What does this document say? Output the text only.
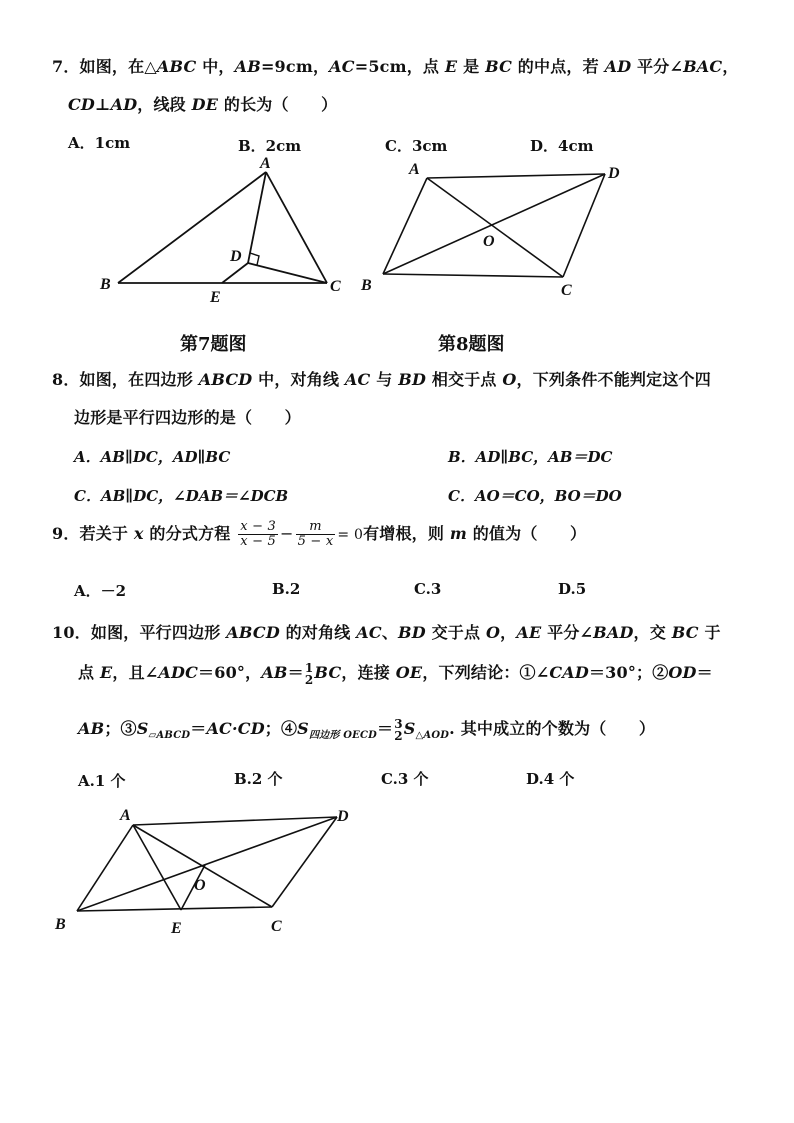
7．如图，在△ABC 中，AB=9cm，AC=5cm，点 E 是 BC 的中点，若 AD 平分∠BAC，
CD⊥AD，线段 DE 的长为（　　）
A．1cm	B．2cm	C．3cm	D．4cm
A
B	C
D
E
A
B	C
D
O
第7题图	第8题图
8．如图，在四边形 ABCD 中，对角线 AC 与 BD 相交于点 O，下列条件不能判定这个四
边形是平行四边形的是（　　）
A．AB∥DC，AD∥BC	B．AD∥BC，AB＝DC
C．AB∥DC，∠DAB＝∠DCB	C．AO＝CO，BO＝DO
9．若关于 x 的分式方程 $\frac{x - 3}{x - 5} - \frac{m}{5 - x} = 0$有增根，则 m 的值为（　　）
A．－2	B.2	C.3	D.5
10．如图，平行四边形 ABCD 的对角线 AC、BD 交于点 O，AE 平分∠BAD，交 BC 于
点 E，且∠ADC＝60°，AB＝ 1
2 BC，连接 OE，下列结论：①∠CAD＝30°；②OD＝
AB；$③S_{▱ABCD}=AC\cdot CD$；$④S_{四边形 OECD}= 3$
2 $S_{\triangle AOD}$. 其中成立的个数为（　　）
A.1 个	B.2 个	C.3 个	D.4 个
A
B	C
D
E
O
